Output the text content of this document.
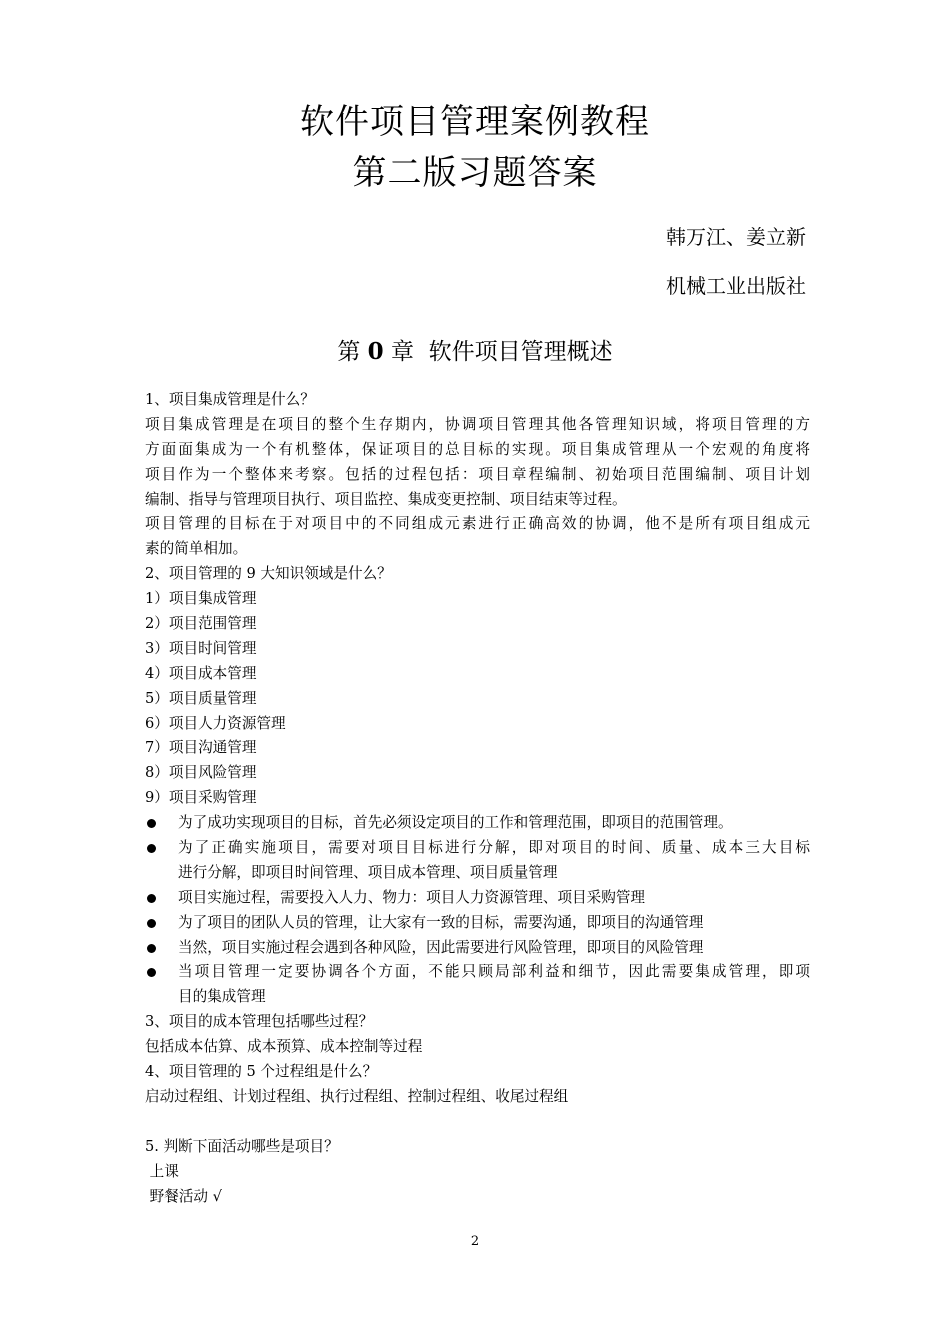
软件项目管理案例教程
第二版习题答案
韩万江、姜立新
机械工业出版社
第 0 章 软件项目管理概述
1、项目集成管理是什么？
项目集成管理是在项目的整个生存期内，协调项目管理其他各管理知识域，将项目管理的方
方面面集成为一个有机整体，保证项目的总目标的实现。项目集成管理从一个宏观的角度将
项目作为一个整体来考察。包括的过程包括：项目章程编制、初始项目范围编制、项目计划
编制、指导与管理项目执行、项目监控、集成变更控制、项目结束等过程。
项目管理的目标在于对项目中的不同组成元素进行正确高效的协调，他不是所有项目组成元
素的简单相加。
2、项目管理的 9 大知识领域是什么？
1）项目集成管理
2）项目范围管理
3）项目时间管理
4）项目成本管理
5）项目质量管理
6）项目人力资源管理
7）项目沟通管理
8）项目风险管理
9）项目采购管理
为了成功实现项目的目标，首先必须设定项目的工作和管理范围，即项目的范围管理。
为了正确实施项目，需要对项目目标进行分解，即对项目的时间、质量、成本三大目标
进行分解，即项目时间管理、项目成本管理、项目质量管理
项目实施过程，需要投入人力、物力：项目人力资源管理、项目采购管理
为了项目的团队人员的管理，让大家有一致的目标，需要沟通，即项目的沟通管理
当然，项目实施过程会遇到各种风险，因此需要进行风险管理，即项目的风险管理
当项目管理一定要协调各个方面，不能只顾局部利益和细节，因此需要集成管理，即项
目的集成管理
3、项目的成本管理包括哪些过程？
包括成本估算、成本预算、成本控制等过程
4、项目管理的 5 个过程组是什么？
启动过程组、计划过程组、执行过程组、控制过程组、收尾过程组
5. 判断下面活动哪些是项目？
上课
野餐活动 √
2
